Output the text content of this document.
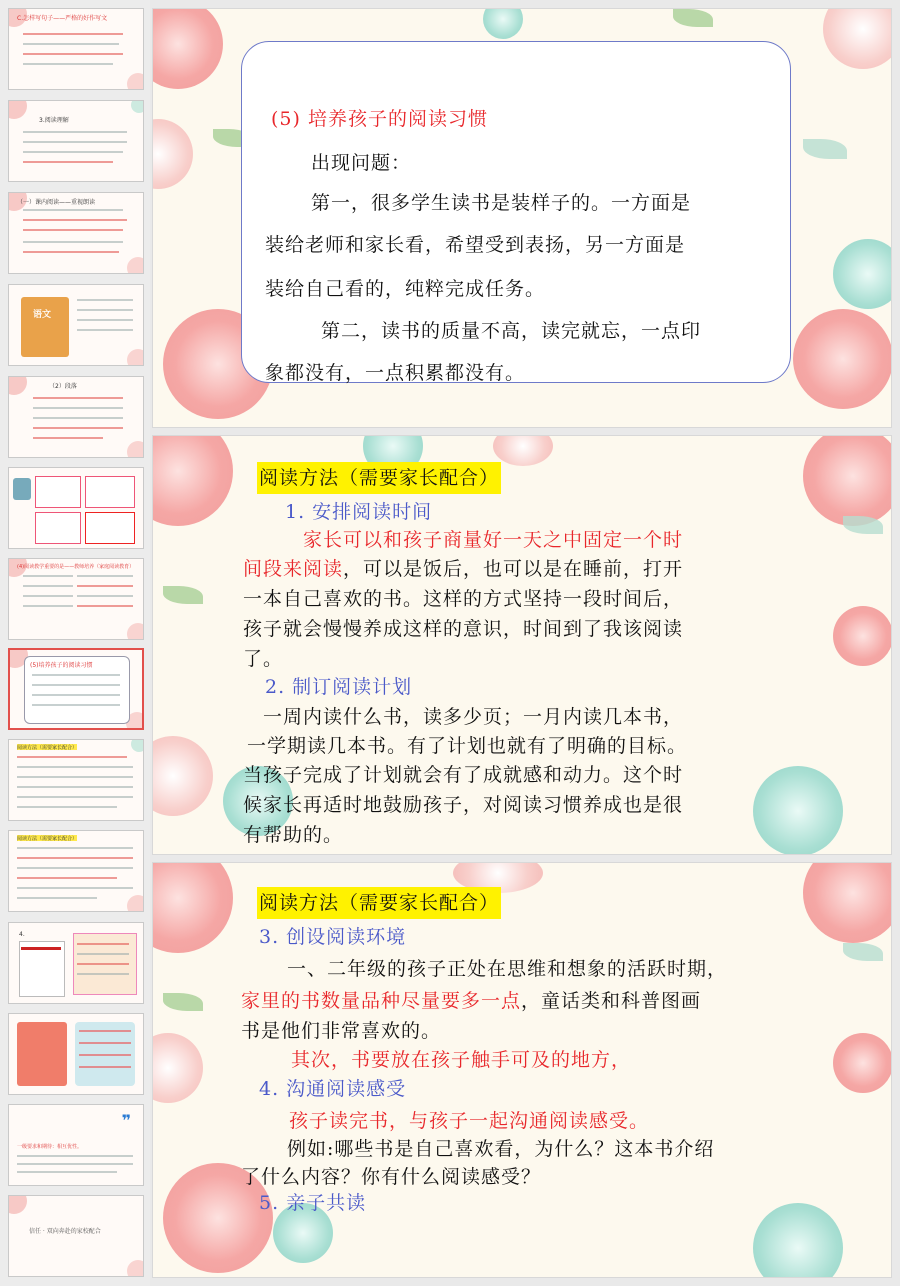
C.怎样写句子——严格的好作写文
3.阅读理解
（一）课内阅读——重视朗读
语文
（2）段落
(4)阅读教学重要的是——教师培养（家庭阅读教育）
(5)培养孩子的阅读习惯
阅读方法（需要家长配合）
阅读方法（需要家长配合）
4.
❞
一级要求和期待：相互优性。
信任 · 双向奔赴的家校配合
(5) 培养孩子的阅读习惯
出现问题：
第一，很多学生读书是装样子的。一方面是
装给老师和家长看，希望受到表扬，另一方面是
装给自己看的，纯粹完成任务。
第二，读书的质量不高，读完就忘，一点印
象都没有，一点积累都没有。
阅读方法（需要家长配合）
1. 安排阅读时间
家长可以和孩子商量好一天之中固定一个时
间段来阅读，可以是饭后，也可以是在睡前，打开
一本自己喜欢的书。这样的方式坚持一段时间后，
孩子就会慢慢养成这样的意识，时间到了我该阅读
了。
2. 制订阅读计划
一周内读什么书，读多少页；一月内读几本书，
一学期读几本书。有了计划也就有了明确的目标。
当孩子完成了计划就会有了成就感和动力。这个时
候家长再适时地鼓励孩子，对阅读习惯养成也是很
有帮助的。
阅读方法（需要家长配合）
3. 创设阅读环境
一、二年级的孩子正处在思维和想象的活跃时期，
家里的书数量品种尽量要多一点，童话类和科普图画
书是他们非常喜欢的。
其次，书要放在孩子触手可及的地方，
4. 沟通阅读感受
孩子读完书，与孩子一起沟通阅读感受。
例如:哪些书是自己喜欢看，为什么？这本书介绍
了什么内容？你有什么阅读感受？
5. 亲子共读
